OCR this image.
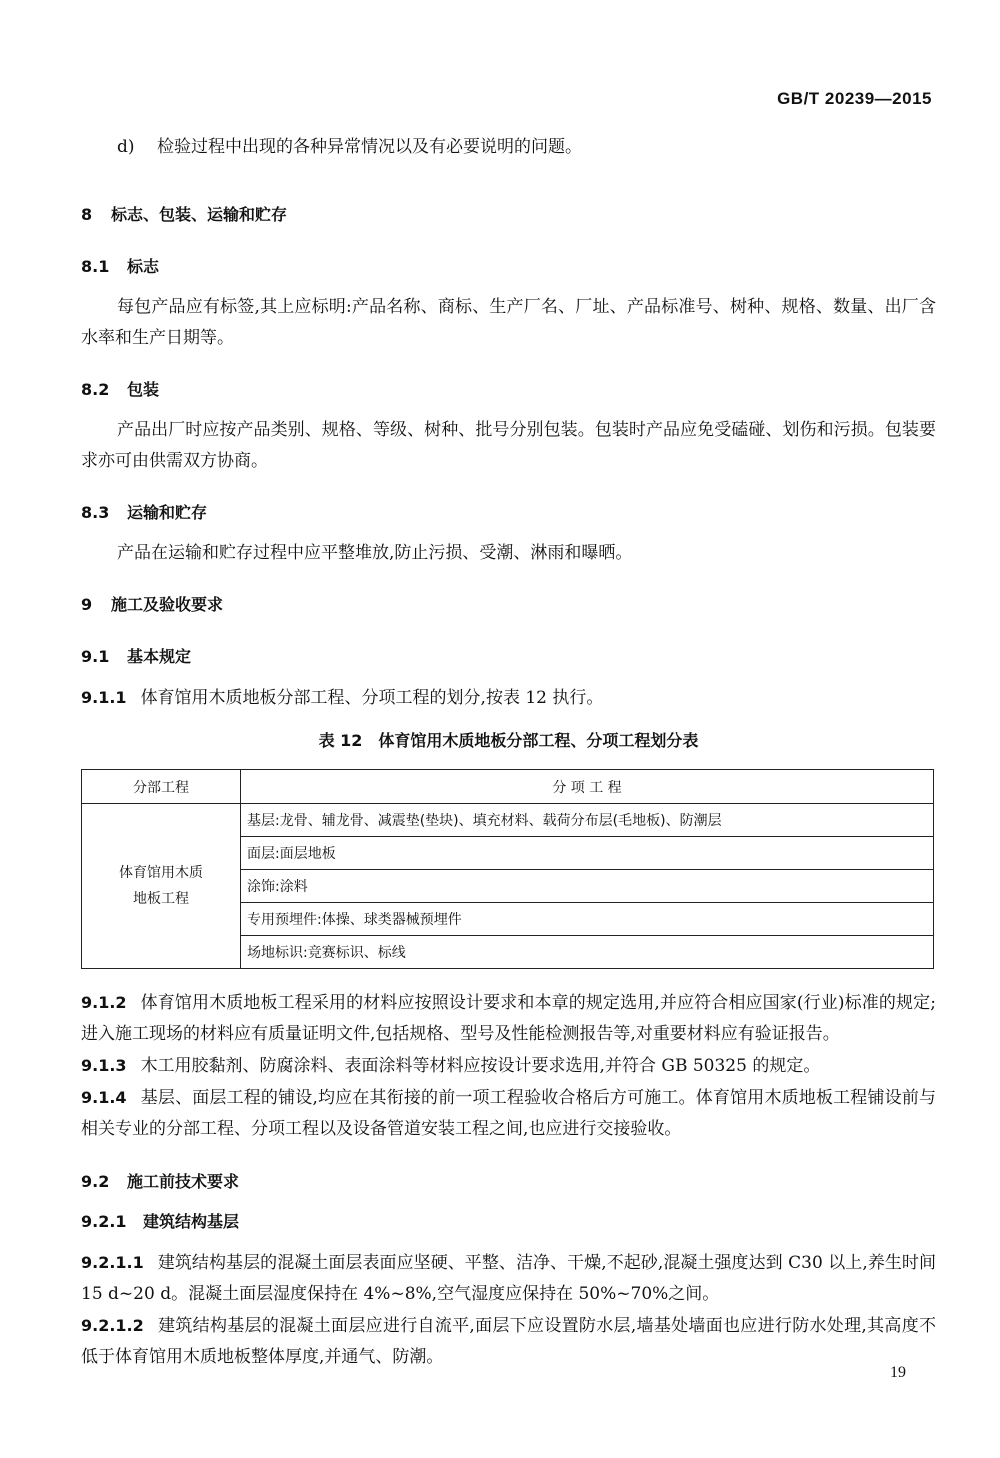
GB/T 20239—2015
d) 检验过程中出现的各种异常情况以及有必要说明的问题。
8 标志、包装、运输和贮存
8.1 标志

每包产品应有标签,其上应标明:产品名称、商标、生产厂名、厂址、产品标准号、树种、规格、数量、出厂含水率和生产日期等。

8.2 包装

产品出厂时应按产品类别、规格、等级、树种、批号分别包装。包装时产品应免受磕碰、划伤和污损。包装要求亦可由供需双方协商。

8.3 运输和贮存

产品在运输和贮存过程中应平整堆放,防止污损、受潮、淋雨和曝晒。

9 施工及验收要求
9.1 基本规定

9.1.1 体育馆用木质地板分部工程、分项工程的划分,按表 12 执行。

表 12　体育馆用木质地板分部工程、分项工程划分表
分部工程	分 项 工 程
体育馆用木质
地板工程	基层:龙骨、辅龙骨、减震垫(垫块)、填充材料、载荷分布层(毛地板)、防潮层
	面层:面层地板
	涂饰:涂料
	专用预埋件:体操、球类器械预埋件
	场地标识:竞赛标识、标线

9.1.2 体育馆用木质地板工程采用的材料应按照设计要求和本章的规定选用,并应符合相应国家(行业)标准的规定;进入施工现场的材料应有质量证明文件,包括规格、型号及性能检测报告等,对重要材料应有验证报告。

9.1.3 木工用胶黏剂、防腐涂料、表面涂料等材料应按设计要求选用,并符合 GB 50325 的规定。

9.1.4 基层、面层工程的铺设,均应在其衔接的前一项工程验收合格后方可施工。体育馆用木质地板工程铺设前与相关专业的分部工程、分项工程以及设备管道安装工程之间,也应进行交接验收。

9.2 施工前技术要求
9.2.1 建筑结构基层

9.2.1.1 建筑结构基层的混凝土面层表面应坚硬、平整、洁净、干燥,不起砂,混凝土强度达到 C30 以上,养生时间 15 d~20 d。混凝土面层湿度保持在 4%~8%,空气湿度应保持在 50%~70%之间。

9.2.1.2 建筑结构基层的混凝土面层应进行自流平,面层下应设置防水层,墙基处墙面也应进行防水处理,其高度不低于体育馆用木质地板整体厚度,并通气、防潮。

19
